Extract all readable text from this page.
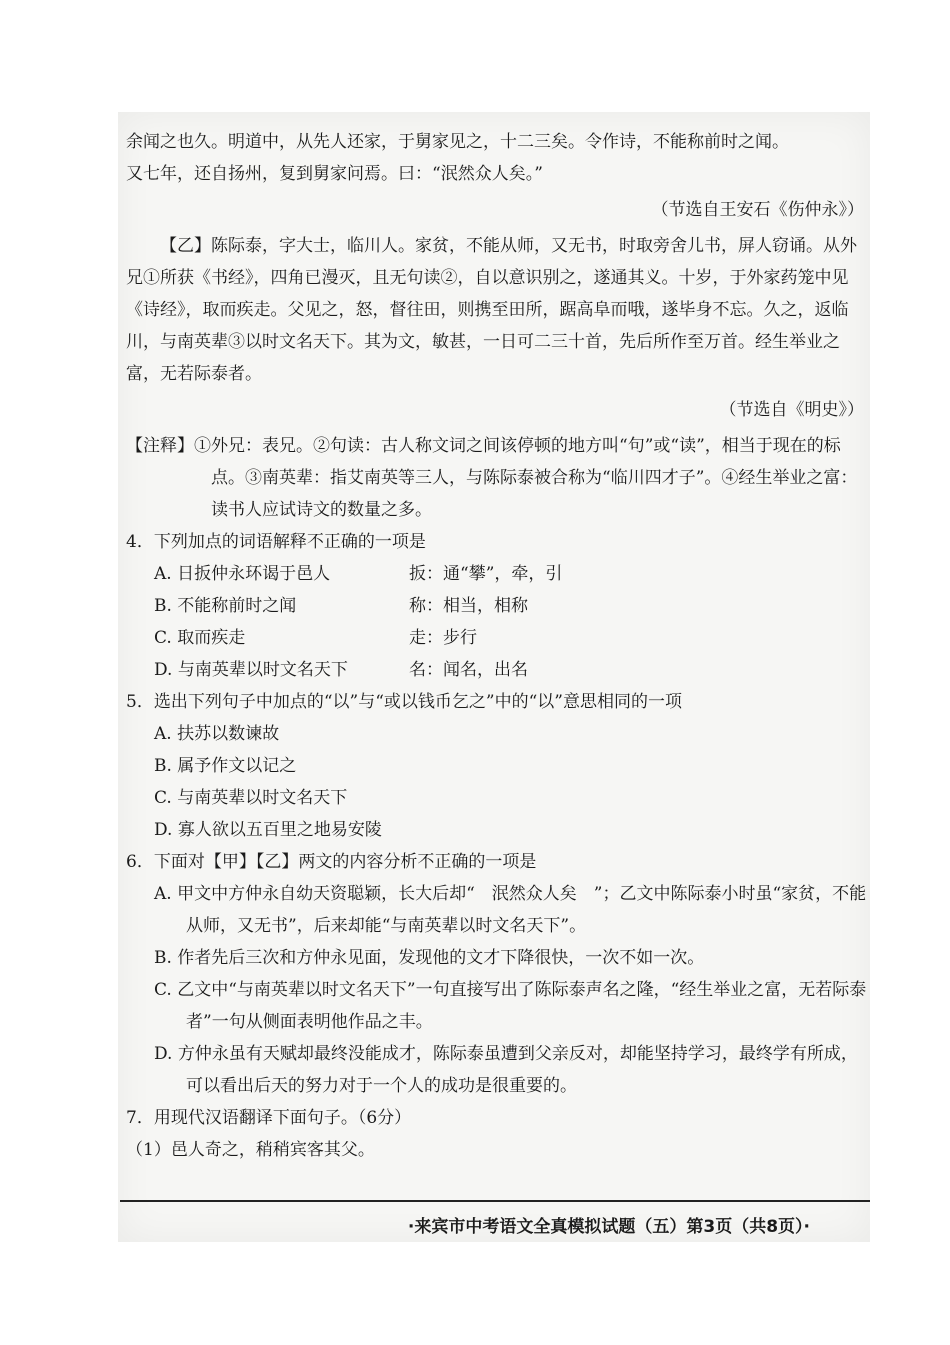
余闻之也久。明道中，从先人还家，于舅家见之，十二三矣。令作诗，不能称前时之闻。

又七年，还自扬州，复到舅家问焉。曰：“泯然众人矣。”

（节选自王安石《伤仲永》）

【乙】陈际泰，字大士，临川人。家贫，不能从师，又无书，时取旁舍儿书，屏人窃诵。从外兄①所获《书经》，四角已漫灭，且无句读②，自以意识别之，遂通其义。十岁，于外家药笼中见《诗经》，取而疾走。父见之，怒，督往田，则携至田所，踞高阜而哦，遂毕身不忘。久之，返临川，与南英辈③以时文名天下。其为文，敏甚，一日可二三十首，先后所作至万首。经生举业之富，无若际泰者。

（节选自《明史》）

【注释】①外兄：表兄。②句读：古人称文词之间该停顿的地方叫“句”或“读”，相当于现在的标点。③南英辈：指艾南英等三人，与陈际泰被合称为“临川四才子”。④经生举业之富：读书人应试诗文的数量之多。

4．下列加点的词语解释不正确的一项是

A. 日扳仲永环谒于邑人	扳：通“攀”，牵，引
B. 不能称前时之闻	称：相当，相称
C. 取而疾走	走：步行
D. 与南英辈以时文名天下	名：闻名，出名

5．选出下列句子中加点的“以”与“或以钱币乞之”中的“以”意思相同的一项

A. 扶苏以数谏故

B. 属予作文以记之

C. 与南英辈以时文名天下

D. 寡人欲以五百里之地易安陵

6．下面对【甲】【乙】两文的内容分析不正确的一项是

A. 甲文中方仲永自幼天资聪颖，长大后却“　泯然众人矣　”；乙文中陈际泰小时虽“家贫，不能从师，又无书”，后来却能“与南英辈以时文名天下”。

B. 作者先后三次和方仲永见面，发现他的文才下降很快，一次不如一次。

C. 乙文中“与南英辈以时文名天下”一句直接写出了陈际泰声名之隆，“经生举业之富，无若际泰者”一句从侧面表明他作品之丰。

D. 方仲永虽有天赋却最终没能成才，陈际泰虽遭到父亲反对，却能坚持学习，最终学有所成，可以看出后天的努力对于一个人的成功是很重要的。

7．用现代汉语翻译下面句子。（6分）

（1）邑人奇之，稍稍宾客其父。

·来宾市中考语文全真模拟试题（五）第3页（共8页）·
